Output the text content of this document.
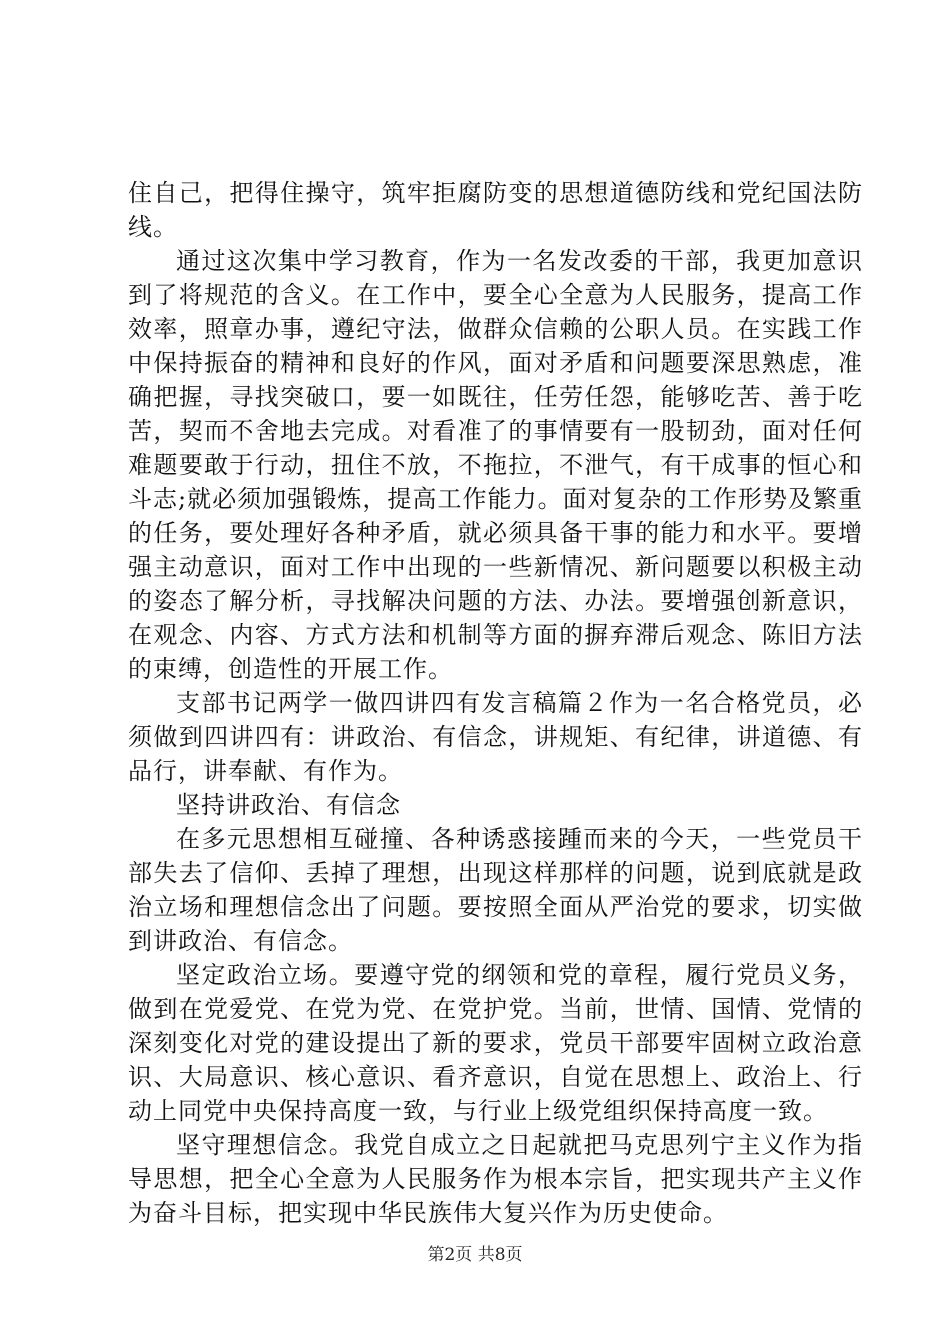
住自己，把得住操守，筑牢拒腐防变的思想道德防线和党纪国法防线。

通过这次集中学习教育，作为一名发改委的干部，我更加意识到了将规范的含义。在工作中，要全心全意为人民服务，提高工作效率，照章办事，遵纪守法，做群众信赖的公职人员。在实践工作中保持振奋的精神和良好的作风，面对矛盾和问题要深思熟虑，准确把握，寻找突破口，要一如既往，任劳任怨，能够吃苦、善于吃苦，契而不舍地去完成。对看准了的事情要有一股韧劲，面对任何难题要敢于行动，扭住不放，不拖拉，不泄气，有干成事的恒心和斗志;就必须加强锻炼，提高工作能力。面对复杂的工作形势及繁重的任务，要处理好各种矛盾，就必须具备干事的能力和水平。要增强主动意识，面对工作中出现的一些新情况、新问题要以积极主动的姿态了解分析，寻找解决问题的方法、办法。要增强创新意识，在观念、内容、方式方法和机制等方面的摒弃滞后观念、陈旧方法的束缚，创造性的开展工作。

支部书记两学一做四讲四有发言稿篇２作为一名合格党员，必须做到四讲四有：讲政治、有信念，讲规矩、有纪律，讲道德、有品行，讲奉献、有作为。

坚持讲政治、有信念

在多元思想相互碰撞、各种诱惑接踵而来的今天，一些党员干部失去了信仰、丢掉了理想，出现这样那样的问题，说到底就是政治立场和理想信念出了问题。要按照全面从严治党的要求，切实做到讲政治、有信念。

坚定政治立场。要遵守党的纲领和党的章程，履行党员义务，做到在党爱党、在党为党、在党护党。当前，世情、国情、党情的深刻变化对党的建设提出了新的要求，党员干部要牢固树立政治意识、大局意识、核心意识、看齐意识，自觉在思想上、政治上、行动上同党中央保持高度一致，与行业上级党组织保持高度一致。

坚守理想信念。我党自成立之日起就把马克思列宁主义作为指导思想，把全心全意为人民服务作为根本宗旨，把实现共产主义作为奋斗目标，把实现中华民族伟大复兴作为历史使命。

第2页 共8页
